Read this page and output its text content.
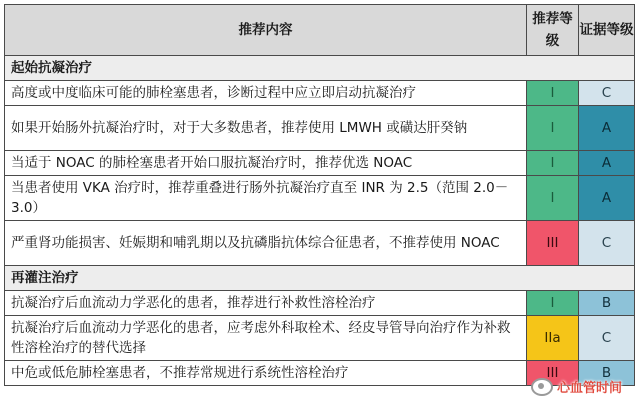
推荐内容	推荐等级	证据等级
起始抗凝治疗		
高度或中度临床可能的肺栓塞患者，诊断过程中应立即启动抗凝治疗	I	C
如果开始肠外抗凝治疗时，对于大多数患者，推荐使用 LMWH 或磺达肝癸钠	I	A
当适于 NOAC 的肺栓塞患者开始口服抗凝治疗时，推荐优选 NOAC	I	A
当患者使用 VKA 治疗时，推荐重叠进行肠外抗凝治疗直至 INR 为 2.5（范围 2.0－3.0）	I	A
严重肾功能损害、妊娠期和哺乳期以及抗磷脂抗体综合征患者，不推荐使用 NOAC	III	C
再灌注治疗		
抗凝治疗后血流动力学恶化的患者，推荐进行补救性溶栓治疗	I	B
抗凝治疗后血流动力学恶化的患者，应考虑外科取栓术、经皮导管导向治疗作为补救性溶栓治疗的替代选择	IIa	C
中危或低危肺栓塞患者，不推荐常规进行系统性溶栓治疗	III	B
心血管时间
